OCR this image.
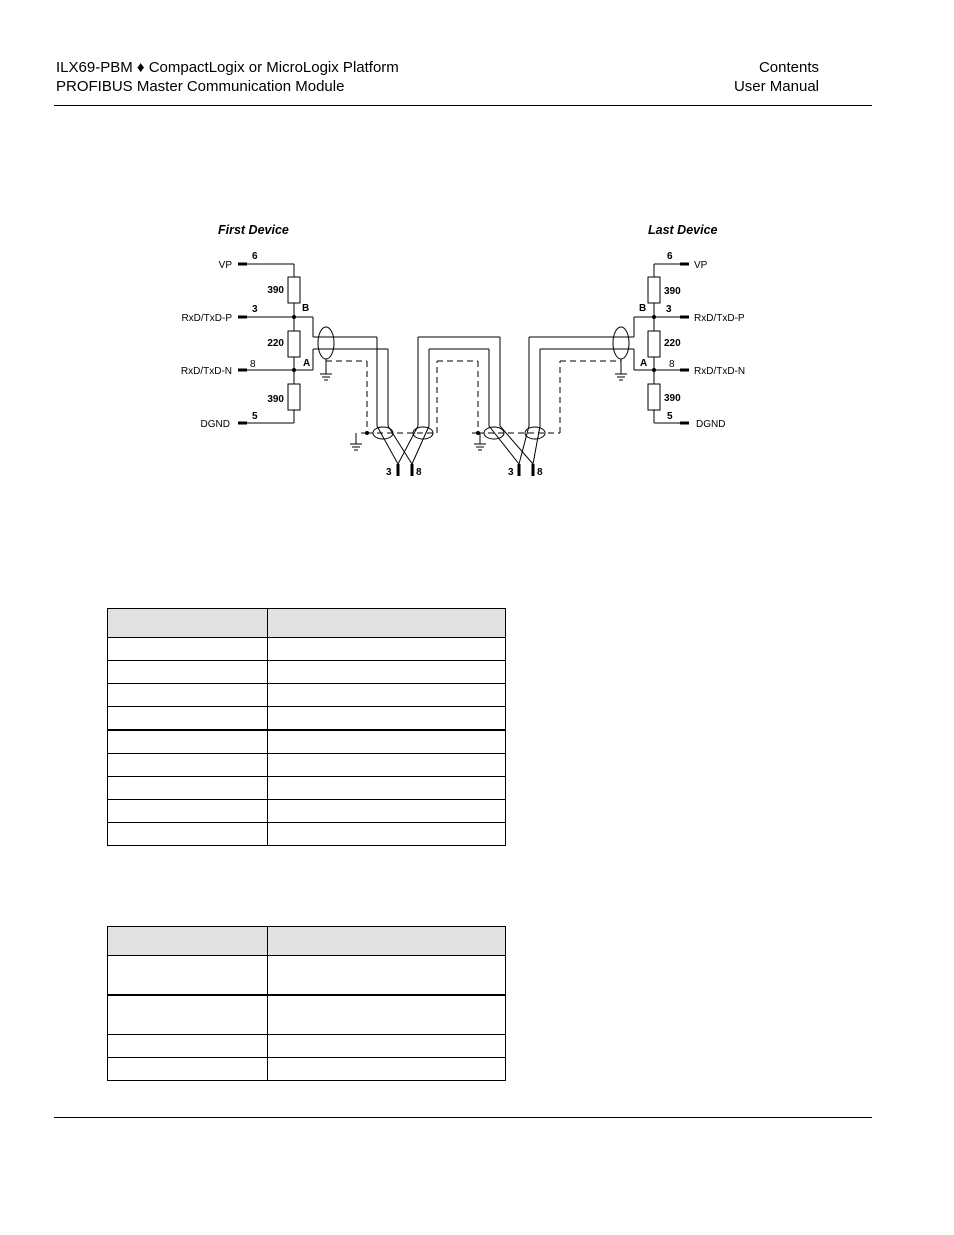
ILX69-PBM ♦ CompactLogix or MicroLogix Platform
PROFIBUS Master Communication Module
Contents
User Manual
First Device
VP
RxD/TxD-P
RxD/TxD-N
DGND
6
3
8
5
390
220
390
B
A
Last Device
VP
RxD/TxD-P
RxD/TxD-N
DGND
6
3
8
5
390
220
390
B
A
3 8	3 8
